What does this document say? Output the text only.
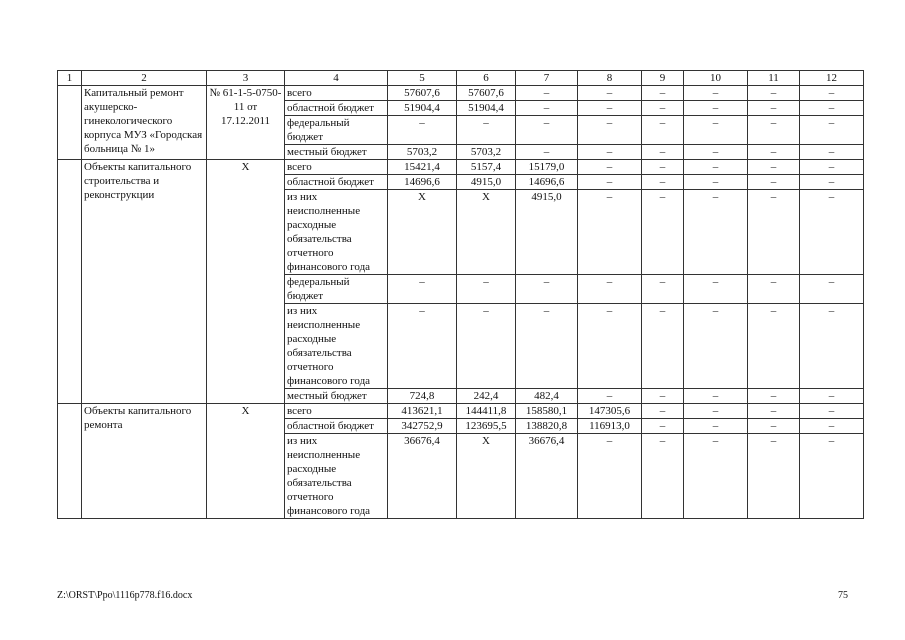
1	2	3	4	5	6	7	8	9	10	11	12
	Капитальный ремонт акушерско-гинекологического корпуса МУЗ «Городская больница № 1»	№ 61-1-5-0750-11 от 17.12.2011	всего	57607,6	57607,6	–	–	–	–	–	–
			областной бюджет	51904,4	51904,4	–	–	–	–	–	–
			федеральный бюджет	–	–	–	–	–	–	–	–
			местный бюджет	5703,2	5703,2	–	–	–	–	–	–
	Объекты капитального строительства и реконструкции	Х	всего	15421,4	5157,4	15179,0	–	–	–	–	–
			областной бюджет	14696,6	4915,0	14696,6	–	–	–	–	–
			из них неисполненные расходные обязательства отчетного финансового года	Х	Х	4915,0	–	–	–	–	–
			федеральный бюджет	–	–	–	–	–	–	–	–
			из них неисполненные расходные обязательства отчетного финансового года	–	–	–	–	–	–	–	–
			местный бюджет	724,8	242,4	482,4	–	–	–	–	–
	Объекты капитального ремонта	Х	всего	413621,1	144411,8	158580,1	147305,6	–	–	–	–
			областной бюджет	342752,9	123695,5	138820,8	116913,0	–	–	–	–
			из них неисполненные расходные обязательства отчетного финансового года	36676,4	Х	36676,4	–	–	–	–	–
Z:\ORST\Ppo\1116p778.f16.docx	75
